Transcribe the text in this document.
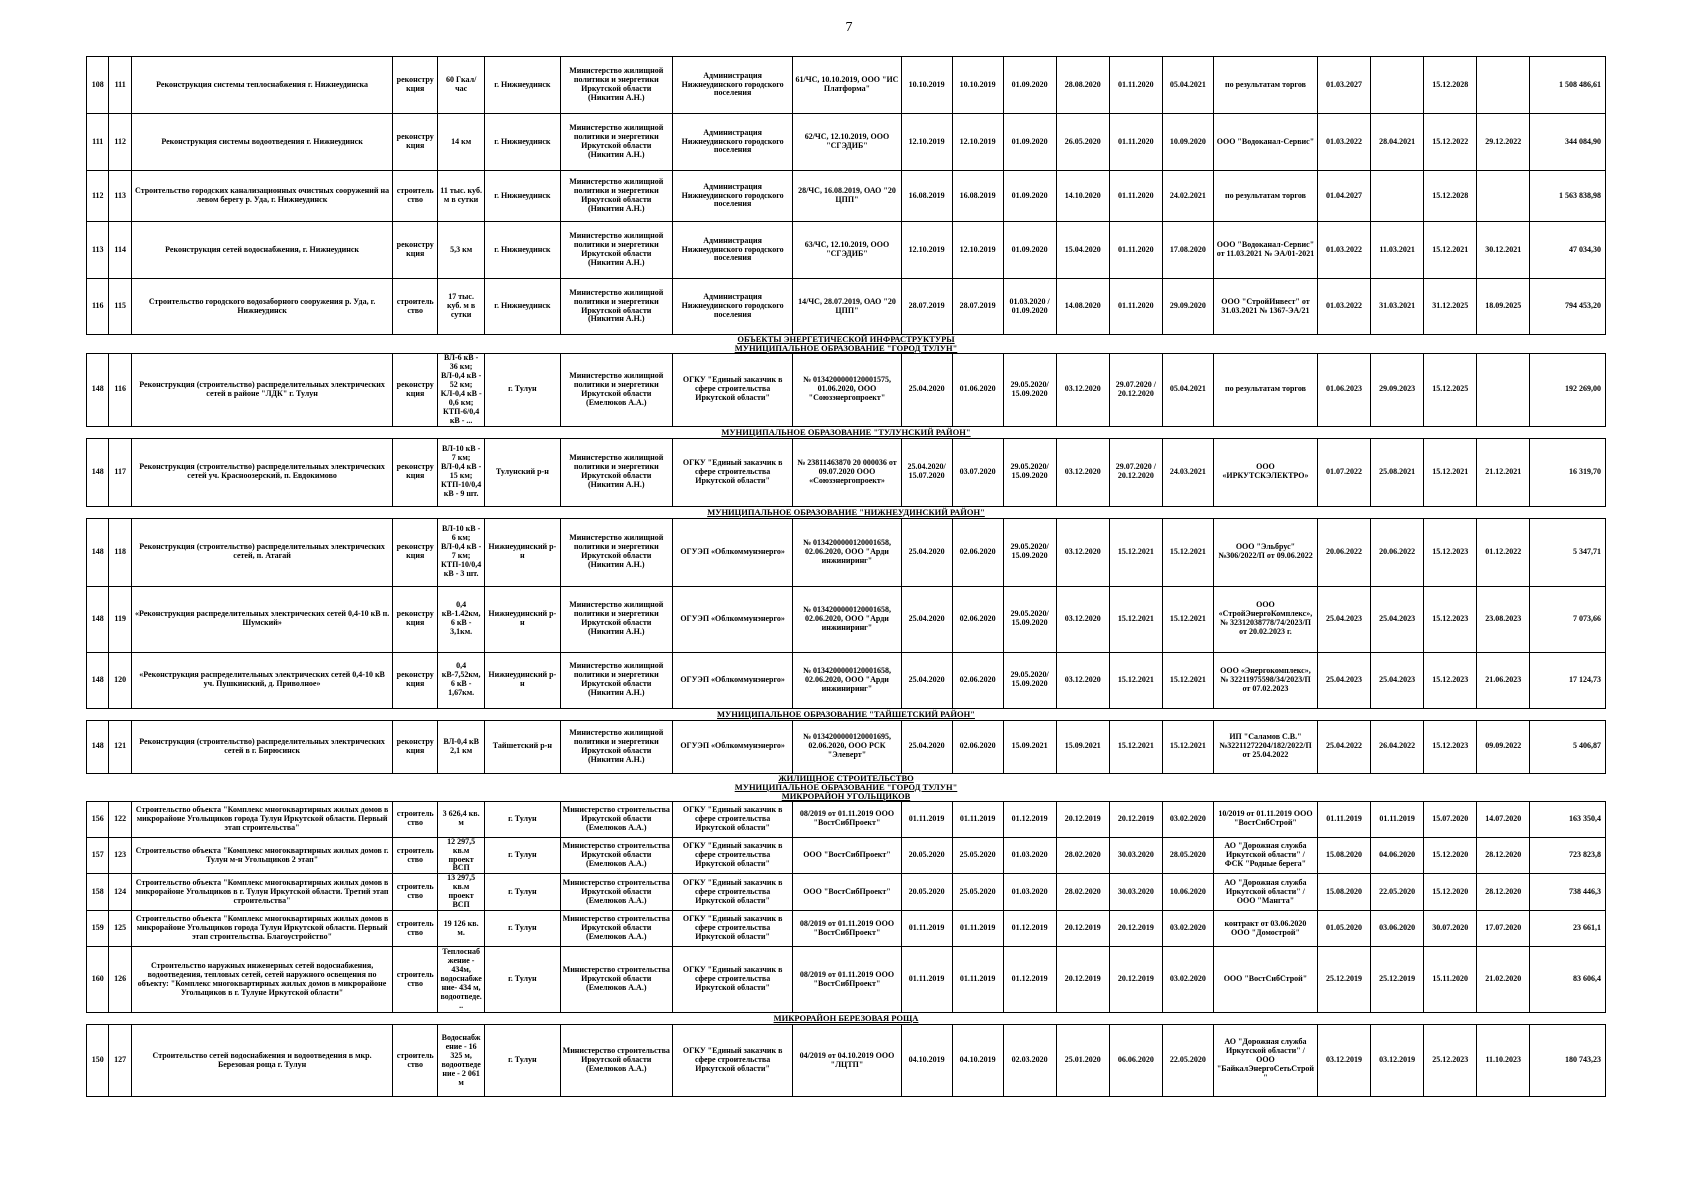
7
108	111	Реконструкция системы теплоснабжения г. Нижнеудинска	реконструкция	60 Гкал/час	г. Нижнеудинск	Министерство жилищной политики и энергетики Иркутской области (Никитин А.Н.)	Администрация Нижнеудинского городского поселения	61/ЧС, 10.10.2019, ООО "ИС Платформа"	10.10.2019	10.10.2019	01.09.2020	28.08.2020	01.11.2020	05.04.2021	по результатам торгов	01.03.2027		15.12.2028		1 508 486,61
111	112	Реконструкция системы водоотведения г. Нижнеудинск	реконструкция	14 км	г. Нижнеудинск	Министерство жилищной политики и энергетики Иркутской области (Никитин А.Н.)	Администрация Нижнеудинского городского поселения	62/ЧС, 12.10.2019, ООО "СГЭДИБ"	12.10.2019	12.10.2019	01.09.2020	26.05.2020	01.11.2020	10.09.2020	ООО "Водоканал-Сервис"	01.03.2022	28.04.2021	15.12.2022	29.12.2022	344 084,90
112	113	Строительство городских канализационных очистных сооружений на левом берегу р. Уда, г. Нижнеудинск	строительство	11 тыс. куб. м в сутки	г. Нижнеудинск	Министерство жилищной политики и энергетики Иркутской области (Никитин А.Н.)	Администрация Нижнеудинского городского поселения	28/ЧС, 16.08.2019, ОАО "20 ЦПП"	16.08.2019	16.08.2019	01.09.2020	14.10.2020	01.11.2020	24.02.2021	по результатам торгов	01.04.2027		15.12.2028		1 563 838,98
113	114	Реконструкция сетей водоснабжения, г. Нижнеудинск	реконструкция	5,3 км	г. Нижнеудинск	Министерство жилищной политики и энергетики Иркутской области (Никитин А.Н.)	Администрация Нижнеудинского городского поселения	63/ЧС, 12.10.2019, ООО "СГЭДИБ"	12.10.2019	12.10.2019	01.09.2020	15.04.2020	01.11.2020	17.08.2020	ООО "Водоканал-Сервис" от 11.03.2021 № ЭА/01-2021	01.03.2022	11.03.2021	15.12.2021	30.12.2021	47 034,30
116	115	Строительство городского водозаборного сооружения р. Уда, г. Нижнеудинск	строительство	17 тыс. куб. м в сутки	г. Нижнеудинск	Министерство жилищной политики и энергетики Иркутской области (Никитин А.Н.)	Администрация Нижнеудинского городского поселения	14/ЧС, 28.07.2019, ОАО "20 ЦПП"	28.07.2019	28.07.2019	01.03.2020 / 01.09.2020	14.08.2020	01.11.2020	29.09.2020	ООО "СтройИнвест" от 31.03.2021 № 1367-ЭА/21	01.03.2022	31.03.2021	31.12.2025	18.09.2025	794 453,20

ОБЪЕКТЫ ЭНЕРГЕТИЧЕСКОЙ ИНФРАСТРУКТУРЫ
МУНИЦИПАЛЬНОЕ ОБРАЗОВАНИЕ "ГОРОД ТУЛУН"																				

148	116	Реконструкция (строительство) распределительных электрических сетей в районе "ЛДК" г. Тулун	реконструкция	ВЛ-6 кВ - 36 км; ВЛ-0,4 кВ - 52 км; КЛ-0,4 кВ - 0,6 км; КТП-6/0,4 кВ - ...	г. Тулун	Министерство жилищной политики и энергетики Иркутской области (Емелюков А.А.)	ОГКУ "Единый заказчик в сфере строительства Иркутской области"	№ 0134200000120001575, 01.06.2020, ООО "Союзэнергопроект"	25.04.2020	01.06.2020	29.05.2020/ 15.09.2020	03.12.2020	29.07.2020 / 20.12.2020	05.04.2021	по результатам торгов	01.06.2023	29.09.2023	15.12.2025		192 269,00

МУНИЦИПАЛЬНОЕ ОБРАЗОВАНИЕ "ТУЛУНСКИЙ РАЙОН"																				

148	117	Реконструкция (строительство) распределительных электрических сетей уч. Красноозерский, п. Евдокимово	реконструкция	ВЛ-10 кВ - 7 км; ВЛ-0,4 кВ - 15 км; КТП-10/0,4 кВ - 9 шт.	Тулунский р-н	Министерство жилищной политики и энергетики Иркутской области (Никитин А.Н.)	ОГКУ "Единый заказчик в сфере строительства Иркутской области"	№ 23811463870 20 000036 от 09.07.2020 ООО «Союзэнергопроект»	25.04.2020/ 15.07.2020	03.07.2020	29.05.2020/ 15.09.2020	03.12.2020	29.07.2020 / 20.12.2020	24.03.2021	ООО «ИРКУТСКЭЛЕКТРО»	01.07.2022	25.08.2021	15.12.2021	21.12.2021	16 319,70

МУНИЦИПАЛЬНОЕ ОБРАЗОВАНИЕ "НИЖНЕУДИНСКИЙ РАЙОН"																				

148	118	Реконструкция (строительство) распределительных электрических сетей, п. Атагай	реконструкция	ВЛ-10 кВ - 6 км; ВЛ-0,4 кВ - 7 км; КТП-10/0,4 кВ - 3 шт.	Нижнеудинский р-н	Министерство жилищной политики и энергетики Иркутской области (Никитин А.Н.)	ОГУЭП «Облкоммунэнерго»	№ 0134200000120001658, 02.06.2020, ООО "Арди инжиниринг"	25.04.2020	02.06.2020	29.05.2020/ 15.09.2020	03.12.2020	15.12.2021	15.12.2021	ООО "Эльбрус" №306/2022/П от 09.06.2022	20.06.2022	20.06.2022	15.12.2023	01.12.2022	5 347,71
148	119	«Реконструкция распределительных электрических сетей 0,4-10 кВ п. Шумский»	реконструкция	0,4 кВ-1.42км, 6 кВ - 3,1км.	Нижнеудинский р-н	Министерство жилищной политики и энергетики Иркутской области (Никитин А.Н.)	ОГУЭП «Облкоммунэнерго»	№ 0134200000120001658, 02.06.2020, ООО "Арди инжиниринг"	25.04.2020	02.06.2020	29.05.2020/ 15.09.2020	03.12.2020	15.12.2021	15.12.2021	ООО «СтройЭнергоКомплекс», № 32312038778/74/2023/П от 20.02.2023 г.	25.04.2023	25.04.2023	15.12.2023	23.08.2023	7 073,66
148	120	«Реконструкция распределительных электрических сетей 0,4-10 кВ уч. Пушкинский, д. Приволное»	реконструкция	0,4 кВ-7,52км, 6 кВ - 1,67км.	Нижнеудинский р-н	Министерство жилищной политики и энергетики Иркутской области (Никитин А.Н.)	ОГУЭП «Облкоммунэнерго»	№ 0134200000120001658, 02.06.2020, ООО "Арди инжиниринг"	25.04.2020	02.06.2020	29.05.2020/ 15.09.2020	03.12.2020	15.12.2021	15.12.2021	ООО «Энергокомплекс», № 32211975598/34/2023/П от 07.02.2023	25.04.2023	25.04.2023	15.12.2023	21.06.2023	17 124,73

МУНИЦИПАЛЬНОЕ ОБРАЗОВАНИЕ "ТАЙШЕТСКИЙ РАЙОН"																				

148	121	Реконструкция (строительство) распределительных электрических сетей в г. Бирюсинск	реконструкция	ВЛ-0,4 кВ 2,1 км	Тайшетский р-н	Министерство жилищной политики и энергетики Иркутской области (Никитин А.Н.)	ОГУЭП «Облкоммунэнерго»	№ 0134200000120001695, 02.06.2020, ООО РСК "Элеверт"	25.04.2020	02.06.2020	15.09.2021	15.09.2021	15.12.2021	15.12.2021	ИП "Саламов С.В." №32211272204/182/2022/П от 25.04.2022	25.04.2022	26.04.2022	15.12.2023	09.09.2022	5 406,87

ЖИЛИЩНОЕ СТРОИТЕЛЬСТВО
МУНИЦИПАЛЬНОЕ ОБРАЗОВАНИЕ "ГОРОД ТУЛУН"
МИКРОРАЙОН УГОЛЬЩИКОВ																				

156	122	Строительство объекта "Комплекс многоквартирных жилых домов в микрорайоне Угольщиков города Тулун Иркутской области. Первый этап строительства"	строительство	3 626,4 кв. м	г. Тулун	Министерство строительства Иркутской области (Емелюков А.А.)	ОГКУ "Единый заказчик в сфере строительства Иркутской области"	08/2019 от 01.11.2019 ООО "ВостСибПроект"	01.11.2019	01.11.2019	01.12.2019	20.12.2019	20.12.2019	03.02.2020	10/2019 от 01.11.2019 ООО "ВостСибСтрой"	01.11.2019	01.11.2019	15.07.2020	14.07.2020	163 350,4
157	123	Строительство объекта "Комплекс многоквартирных жилых домов г. Тулун м-н Угольщиков 2 этап"	строительство	12 297,5 кв.м проект ВСП	г. Тулун	Министерство строительства Иркутской области (Емелюков А.А.)	ОГКУ "Единый заказчик в сфере строительства Иркутской области"	ООО "ВостСибПроект"	20.05.2020	25.05.2020	01.03.2020	28.02.2020	30.03.2020	28.05.2020	АО "Дорожная служба Иркутской области" / ФСК "Родные берега"	15.08.2020	04.06.2020	15.12.2020	28.12.2020	723 823,8
158	124	Строительство объекта "Комплекс многоквартирных жилых домов в микрорайоне Угольщиков в г. Тулун Иркутской области. Третий этап строительства"	строительство	13 297,5 кв.м проект ВСП	г. Тулун	Министерство строительства Иркутской области (Емелюков А.А.)	ОГКУ "Единый заказчик в сфере строительства Иркутской области"	ООО "ВостСибПроект"	20.05.2020	25.05.2020	01.03.2020	28.02.2020	30.03.2020	10.06.2020	АО "Дорожная служба Иркутской области" / ООО "Мангта"	15.08.2020	22.05.2020	15.12.2020	28.12.2020	738 446,3
159	125	Строительство объекта "Комплекс многоквартирных жилых домов в микрорайоне Угольщиков города Тулун Иркутской области. Первый этап строительства. Благоустройство"	строительство	19 126 кв. м.	г. Тулун	Министерство строительства Иркутской области (Емелюков А.А.)	ОГКУ "Единый заказчик в сфере строительства Иркутской области"	08/2019 от 01.11.2019 ООО "ВостСибПроект"	01.11.2019	01.11.2019	01.12.2019	20.12.2019	20.12.2019	03.02.2020	контракт от 03.06.2020 ООО "Домострой"	01.05.2020	03.06.2020	30.07.2020	17.07.2020	23 661,1
160	126	Строительство наружных инженерных сетей водоснабжения, водоотведения, тепловых сетей, сетей наружного освещения по объекту: "Комплекс многоквартирных жилых домов в микрорайоне Угольщиков в г. Тулуне Иркутской области"	строительство	Теплоснабжение - 434м, водоснабжение- 434 м, водоотведе...	г. Тулун	Министерство строительства Иркутской области (Емелюков А.А.)	ОГКУ "Единый заказчик в сфере строительства Иркутской области"	08/2019 от 01.11.2019 ООО "ВостСибПроект"	01.11.2019	01.11.2019	01.12.2019	20.12.2019	20.12.2019	03.02.2020	ООО "ВостСибСтрой"	25.12.2019	25.12.2019	15.11.2020	21.02.2020	83 606,4

МИКРОРАЙОН БЕРЕЗОВАЯ РОЩА																				

150	127	Строительство сетей водоснабжения и водоотведения в мкр. Березовая роща г. Тулун	строительство	Водоснабжение - 16 325 м, водоотведение - 2 061 м	г. Тулун	Министерство строительства Иркутской области (Емелюков А.А.)	ОГКУ "Единый заказчик в сфере строительства Иркутской области"	04/2019 от 04.10.2019 ООО "ЛЦТП"	04.10.2019	04.10.2019	02.03.2020	25.01.2020	06.06.2020	22.05.2020	АО "Дорожная служба Иркутской области" / ООО "БайкалЭнергоСетьСтрой"	03.12.2019	03.12.2019	25.12.2023	11.10.2023	180 743,23
